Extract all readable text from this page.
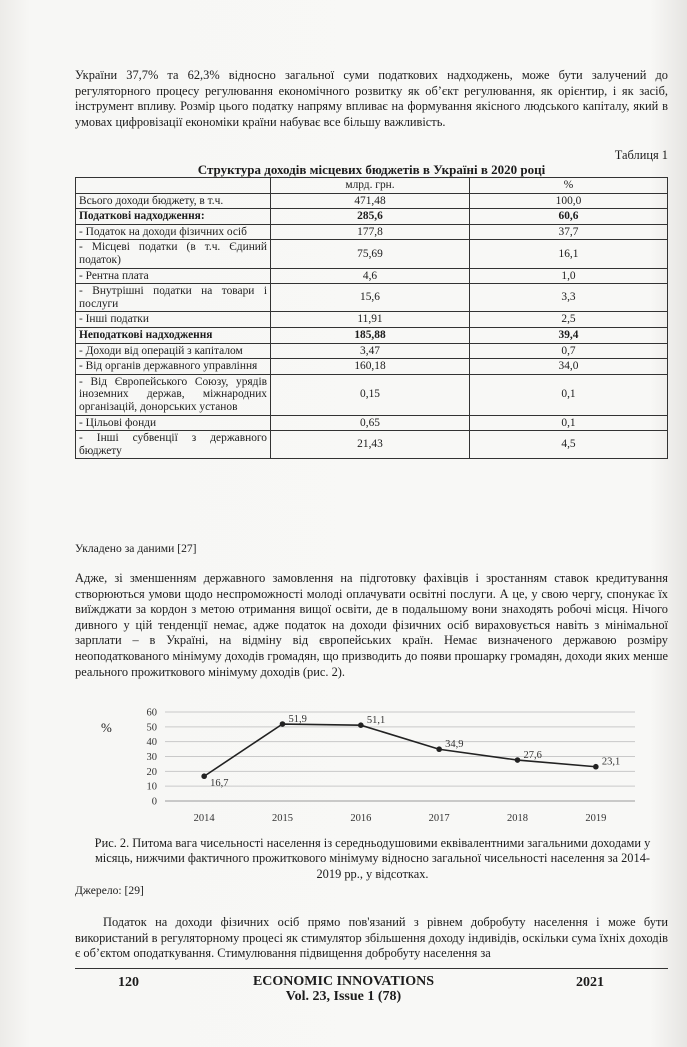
України 37,7% та 62,3% відносно загальної суми податкових надходжень, може бути залучений до регуляторного процесу регулювання економічного розвитку як об’єкт регулювання, як орієнтир, і як засіб, інструмент впливу. Розмір цього податку напряму впливає на формування якісного людського капіталу, який в умовах цифровізації економіки країни набуває все більшу важливість.

Таблиця 1
Структура доходів місцевих бюджетів в Україні в 2020 році
	млрд. грн.	%
Всього доходи бюджету, в т.ч.	471,48	100,0
Податкові надходження:	285,6	60,6
- Податок на доходи фізичних осіб	177,8	37,7
- Місцеві податки (в т.ч. Єдиний податок)	75,69	16,1
- Рентна плата	4,6	1,0
- Внутрішні податки на товари і послуги	15,6	3,3
- Інші податки	11,91	2,5
Неподаткові надходження	185,88	39,4
- Доходи від операцій з капіталом	3,47	0,7
- Від органів державного управління	160,18	34,0
- Від Європейського Союзу, урядів іноземних держав, міжнародних організацій, донорських установ	0,15	0,1
- Цільові фонди	0,65	0,1
- Інші субвенції з державного бюджету	21,43	4,5
Укладено за даними [27]

Адже, зі зменшенням державного замовлення на підготовку фахівців і зростанням ставок кредитування створюються умови щодо неспроможності молоді оплачувати освітні послуги. А це, у свою чергу, спонукає їх виїжджати за кордон з метою отримання вищої освіти, де в подальшому вони знаходять робочі місця. Нічого дивного у цій тенденції немає, адже податок на доходи фізичних осіб вираховується навіть з мінімальної зарплати – в Україні, на відміну від європейських країн. Немає визначеного державою розміру неоподаткованого мінімуму доходів громадян, що призводить до появи прошарку громадян, доходи яких менше реального прожиткового мінімуму доходів (рис. 2).

%
0
10
20
30
40
50
60
2014	2015	2016	2017	2018	2019
16,7
51,9	51,1
34,9
27,6
23,1
Рис. 2. Питома вага чисельності населення із середньодушовими еквівалентними загальними доходами у місяць, нижчими фактичного прожиткового мінімуму відносно загальної чисельності населення за 2014-2019 рр., у відсотках.
Джерело: [29]

Податок на доходи фізичних осіб прямо пов'язаний з рівнем добробуту населення і може бути використаний в регуляторному процесі як стимулятор збільшення доходу індивідів, оскільки сума їхніх доходів є об’єктом оподаткування. Стимулювання підвищення добробуту населення за

120	ECONOMIC INNOVATIONS
Vol. 23, Issue 1 (78)
2021
